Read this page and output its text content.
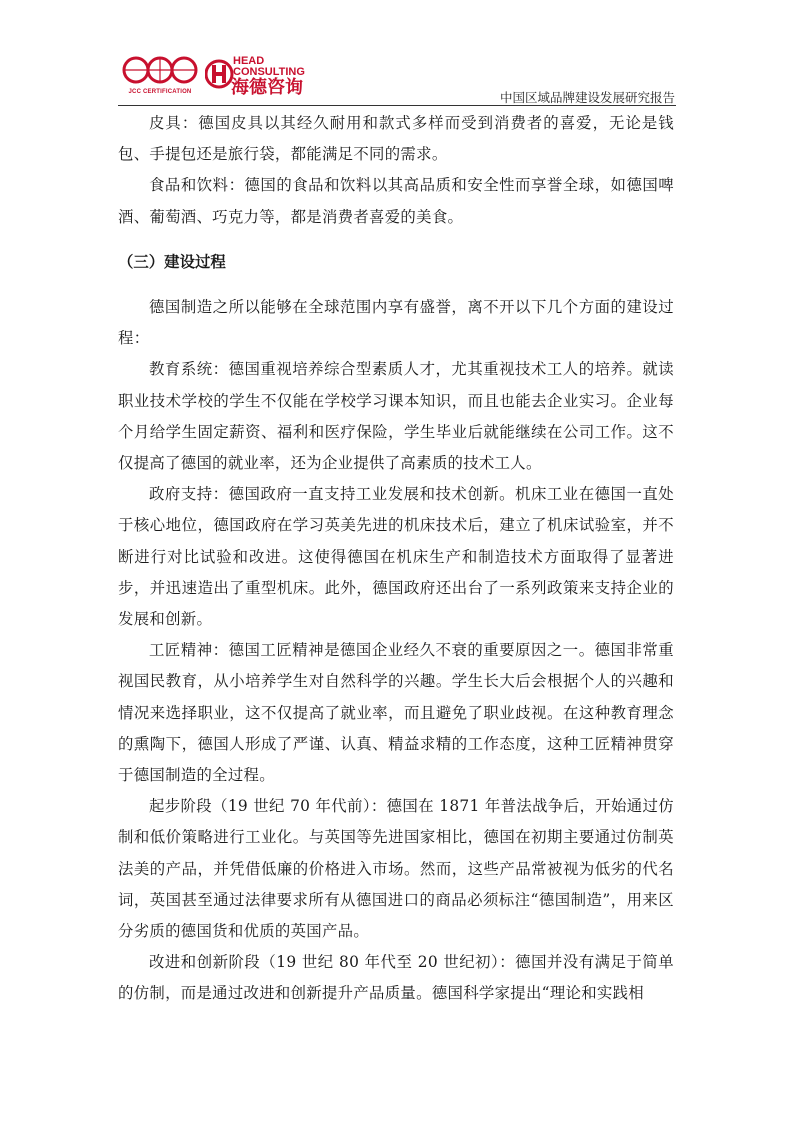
JCC CERTIFICATION
HEAD
CONSULTING
海德咨询	中国区域品牌建设发展研究报告

皮具：德国皮具以其经久耐用和款式多样而受到消费者的喜爱，无论是钱包、手提包还是旅行袋，都能满足不同的需求。

食品和饮料：德国的食品和饮料以其高品质和安全性而享誉全球，如德国啤酒、葡萄酒、巧克力等，都是消费者喜爱的美食。

（三）建设过程

德国制造之所以能够在全球范围内享有盛誉，离不开以下几个方面的建设过程：

教育系统：德国重视培养综合型素质人才，尤其重视技术工人的培养。就读职业技术学校的学生不仅能在学校学习课本知识，而且也能去企业实习。企业每个月给学生固定薪资、福利和医疗保险，学生毕业后就能继续在公司工作。这不仅提高了德国的就业率，还为企业提供了高素质的技术工人。

政府支持：德国政府一直支持工业发展和技术创新。机床工业在德国一直处于核心地位，德国政府在学习英美先进的机床技术后，建立了机床试验室，并不断进行对比试验和改进。这使得德国在机床生产和制造技术方面取得了显著进步，并迅速造出了重型机床。此外，德国政府还出台了一系列政策来支持企业的发展和创新。

工匠精神：德国工匠精神是德国企业经久不衰的重要原因之一。德国非常重视国民教育，从小培养学生对自然科学的兴趣。学生长大后会根据个人的兴趣和情况来选择职业，这不仅提高了就业率，而且避免了职业歧视。在这种教育理念的熏陶下，德国人形成了严谨、认真、精益求精的工作态度，这种工匠精神贯穿于德国制造的全过程。

起步阶段（19 世纪 70 年代前）：德国在 1871 年普法战争后，开始通过仿制和低价策略进行工业化。与英国等先进国家相比，德国在初期主要通过仿制英法美的产品，并凭借低廉的价格进入市场。然而，这些产品常被视为低劣的代名词，英国甚至通过法律要求所有从德国进口的商品必须标注“德国制造”，用来区分劣质的德国货和优质的英国产品。

改进和创新阶段（19 世纪 80 年代至 20 世纪初）：德国并没有满足于简单的仿制，而是通过改进和创新提升产品质量。德国科学家提出“理论和实践相
